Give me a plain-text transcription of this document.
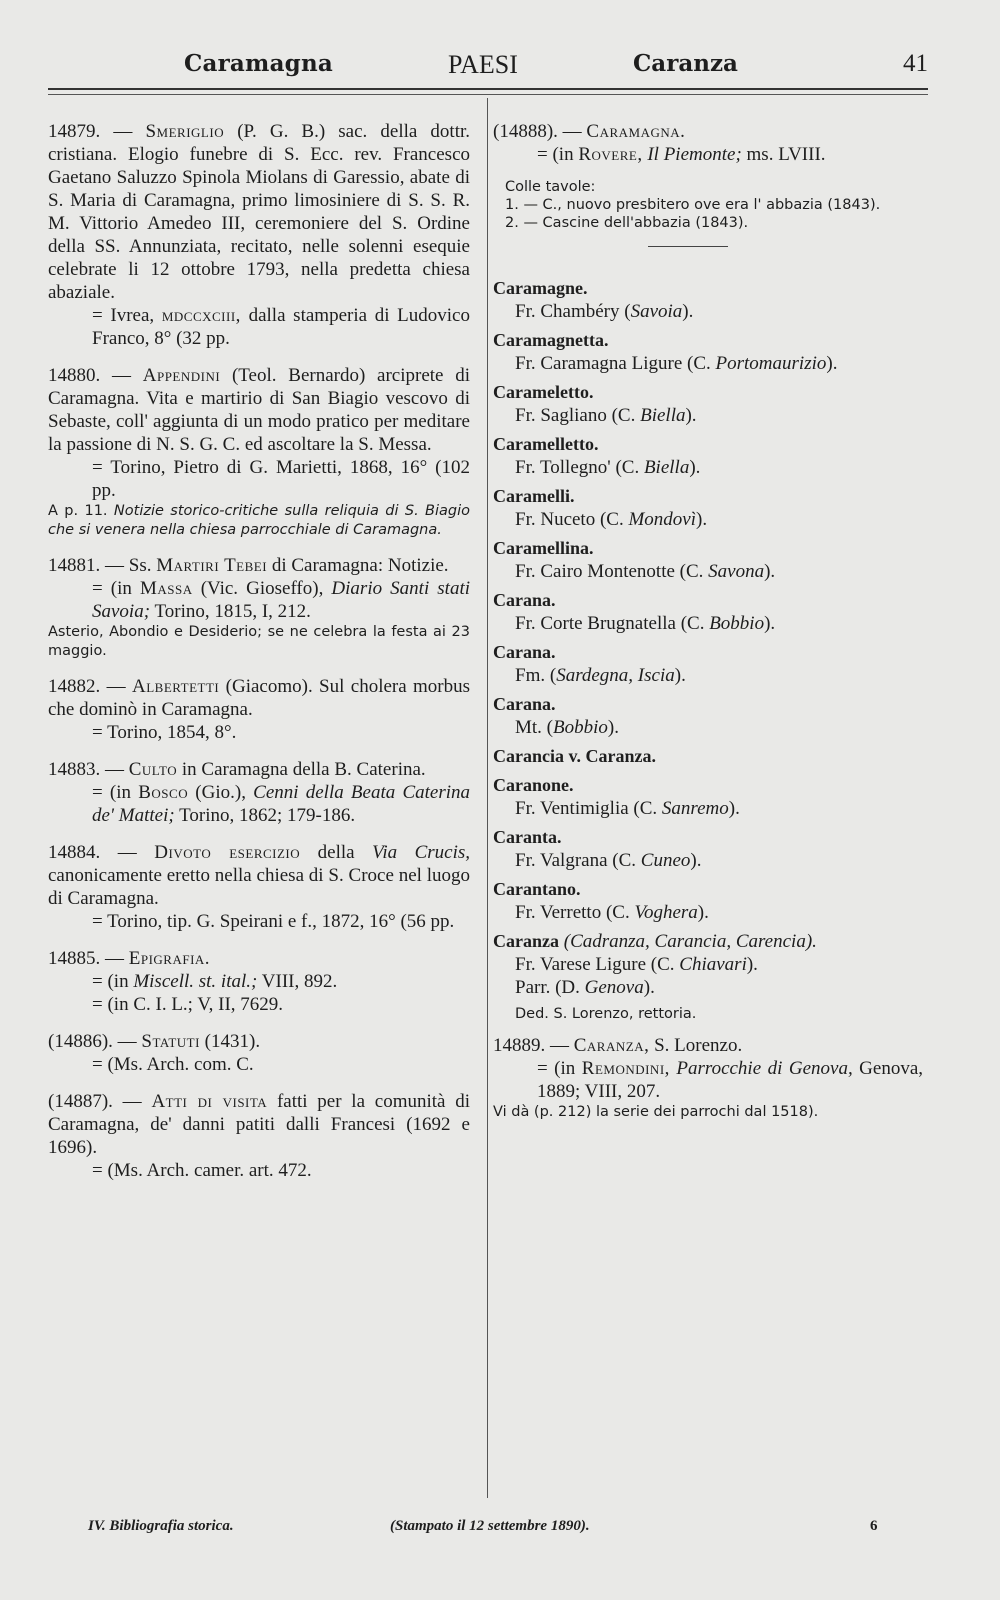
Caramagna	PAESI	Caranza	41

14879. — Smeriglio (P. G. B.) sac. della dottr. cristiana. Elogio funebre di S. Ecc. rev. Francesco Gaetano Saluzzo Spinola Miolans di Garessio, abate di S. Maria di Caramagna, primo limosiniere di S. S. R. M. Vittorio Amedeo III, ceremoniere del S. Ordine della SS. Annunziata, recitato, nelle solenni esequie celebrate li 12 ottobre 1793, nella predetta chiesa abaziale.

= Ivrea, mdccxciii, dalla stamperia di Ludovico Franco, 8° (32 pp.

14880. — Appendini (Teol. Bernardo) arciprete di Caramagna. Vita e martirio di San Biagio vescovo di Sebaste, coll' aggiunta di un modo pratico per meditare la passione di N. S. G. C. ed ascoltare la S. Messa.

= Torino, Pietro di G. Marietti, 1868, 16° (102 pp.

A p. 11. Notizie storico-critiche sulla reliquia di S. Biagio che si venera nella chiesa parrocchiale di Caramagna.

14881. — Ss. Martiri Tebei di Caramagna: Notizie.

= (in Massa (Vic. Gioseffo), Diario Santi stati Savoia; Torino, 1815, I, 212.

Asterio, Abondio e Desiderio; se ne celebra la festa ai 23 maggio.

14882. — Albertetti (Giacomo). Sul cholera morbus che dominò in Caramagna.

= Torino, 1854, 8°.

14883. — Culto in Caramagna della B. Caterina.

= (in Bosco (Gio.), Cenni della Beata Caterina de' Mattei; Torino, 1862; 179-186.

14884. — Divoto esercizio della Via Crucis, canonicamente eretto nella chiesa di S. Croce nel luogo di Caramagna.

= Torino, tip. G. Speirani e f., 1872, 16° (56 pp.

14885. — Epigrafia.

= (in Miscell. st. ital.; VIII, 892.

= (in C. I. L.; V, II, 7629.

(14886). — Statuti (1431).

= (Ms. Arch. com. C.

(14887). — Atti di visita fatti per la comunità di Caramagna, de' danni patiti dalli Francesi (1692 e 1696).

= (Ms. Arch. camer. art. 472.

(14888). — Caramagna.

= (in Rovere, Il Piemonte; ms. LVIII.

Colle tavole:
1. — C., nuovo presbitero ove era l' abbazia (1843).
2. — Cascine dell'abbazia (1843).
Caramagne.
Fr. Chambéry (Savoia).
Caramagnetta.
Fr. Caramagna Ligure (C. Portomaurizio).
Carameletto.
Fr. Sagliano (C. Biella).
Caramelletto.
Fr. Tollegno' (C. Biella).
Caramelli.
Fr. Nuceto (C. Mondovì).
Caramellina.
Fr. Cairo Montenotte (C. Savona).
Carana.
Fr. Corte Brugnatella (C. Bobbio).
Carana.
Fm. (Sardegna, Iscia).
Carana.
Mt. (Bobbio).
Carancia v. Caranza.
Caranone.
Fr. Ventimiglia (C. Sanremo).
Caranta.
Fr. Valgrana (C. Cuneo).
Carantano.
Fr. Verretto (C. Voghera).
Caranza (Cadranza, Carancia, Carencia).
Fr. Varese Ligure (C. Chiavari).
Parr. (D. Genova).

Ded. S. Lorenzo, rettoria.

14889. — Caranza, S. Lorenzo.

= (in Remondini, Parrocchie di Genova, Genova, 1889; VIII, 207.

Vi dà (p. 212) la serie dei parrochi dal 1518).

IV. Bibliografia storica.	(Stampato il 12 settembre 1890).	6
